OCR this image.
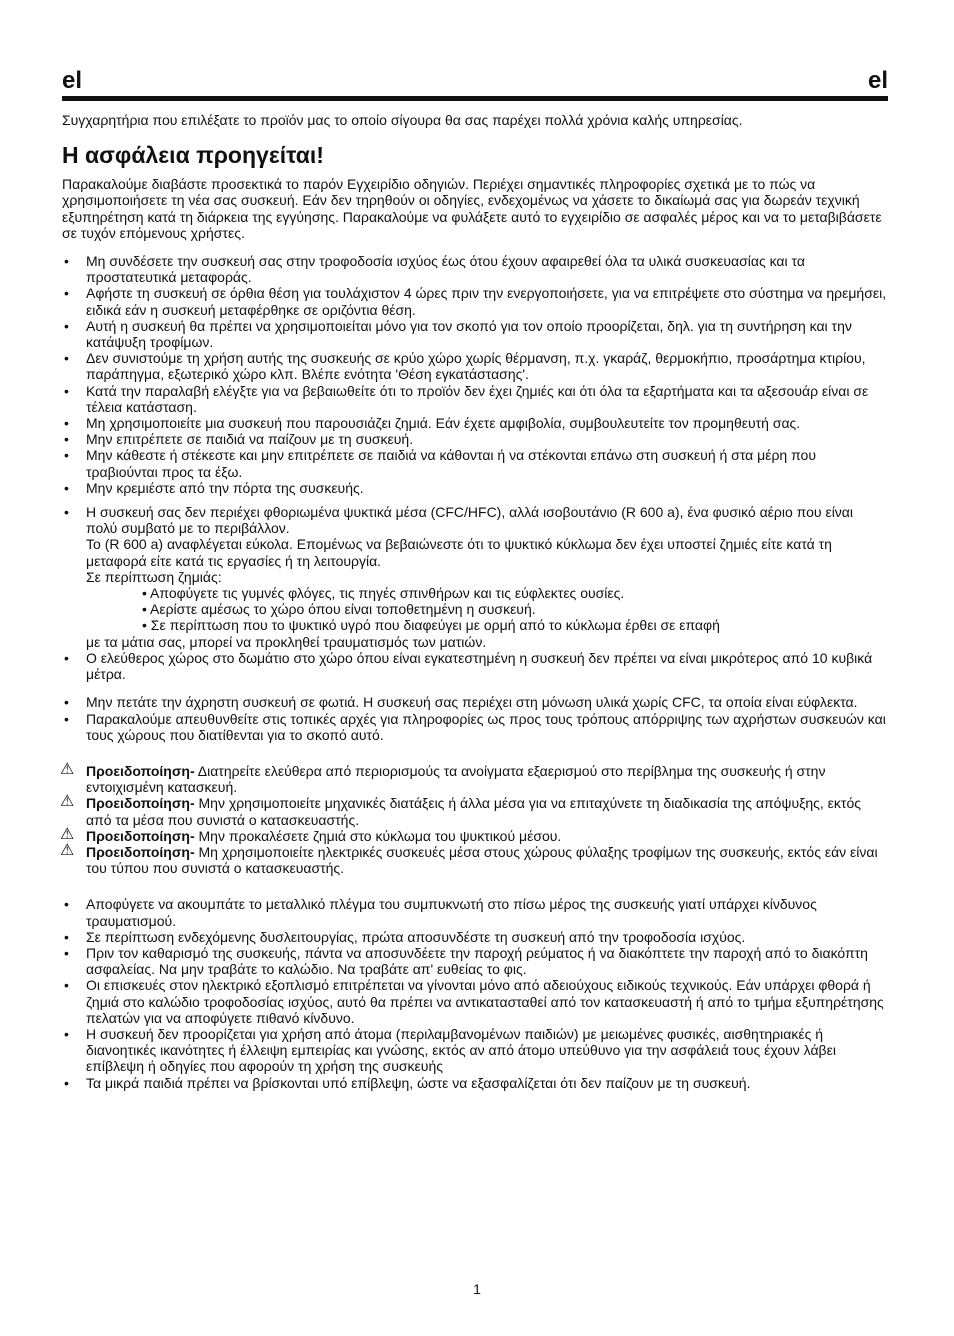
el	el

Συγχαρητήρια που επιλέξατε το προϊόν μας το οποίο σίγουρα θα σας παρέχει πολλά χρόνια καλής υπηρεσίας.

Η ασφάλεια προηγείται!

Παρακαλούμε διαβάστε προσεκτικά το παρόν Εγχειρίδιο οδηγιών. Περιέχει σημαντικές πληροφορίες σχετικά με το πώς να χρησιμοποιήσετε τη νέα σας συσκευή. Εάν δεν τηρηθούν οι οδηγίες, ενδεχομένως να χάσετε το δικαίωμά σας για δωρεάν τεχνική εξυπηρέτηση κατά τη διάρκεια της εγγύησης. Παρακαλούμε να φυλάξετε αυτό το εγχειρίδιο σε ασφαλές μέρος και να το μεταβιβάσετε σε τυχόν επόμενους χρήστες.

• Μη συνδέσετε την συσκευή σας στην τροφοδοσία ισχύος έως ότου έχουν αφαιρεθεί όλα τα υλικά συσκευασίας και τα προστατευτικά μεταφοράς.
• Αφήστε τη συσκευή σε όρθια θέση για τουλάχιστον 4 ώρες πριν την ενεργοποιήσετε, για να επιτρέψετε στο σύστημα να ηρεμήσει, ειδικά εάν η συσκευή μεταφέρθηκε σε οριζόντια θέση.
• Αυτή η συσκευή θα πρέπει να χρησιμοποιείται μόνο για τον σκοπό για τον οποίο προορίζεται, δηλ. για τη συντήρηση και την κατάψυξη τροφίμων.
• Δεν συνιστούμε τη χρήση αυτής της συσκευής σε κρύο χώρο χωρίς θέρμανση, π.χ. γκαράζ, θερμοκήπιο, προσάρτημα κτιρίου, παράπηγμα, εξωτερικό χώρο κλπ. Βλέπε ενότητα 'Θέση εγκατάστασης'.
• Κατά την παραλαβή ελέγξτε για να βεβαιωθείτε ότι το προϊόν δεν έχει ζημιές και ότι όλα τα εξαρτήματα και τα αξεσουάρ είναι σε τέλεια κατάσταση.
• Μη χρησιμοποιείτε μια συσκευή που παρουσιάζει ζημιά. Εάν έχετε αμφιβολία, συμβουλευτείτε τον προμηθευτή σας.
• Μην επιτρέπετε σε παιδιά να παίζουν με τη συσκευή.
• Μην κάθεστε ή στέκεστε και μην επιτρέπετε σε παιδιά να κάθονται ή να στέκονται επάνω στη συσκευή ή στα μέρη που τραβιούνται προς τα έξω.
• Μην κρεμιέστε από την πόρτα της συσκευής.
• Η συσκευή σας δεν περιέχει φθοριωμένα ψυκτικά μέσα (CFC/HFC), αλλά ισοβουτάνιο (R 600 a), ένα φυσικό αέριο που είναι πολύ συμβατό με το περιβάλλον.
Το (R 600 a) αναφλέγεται εύκολα. Επομένως να βεβαιώνεστε ότι το ψυκτικό κύκλωμα δεν έχει υποστεί ζημιές είτε κατά τη μεταφορά είτε κατά τις εργασίες ή τη λειτουργία.
Σε περίπτωση ζημιάς:
• Αποφύγετε τις γυμνές φλόγες, τις πηγές σπινθήρων και τις εύφλεκτες ουσίες.
• Αερίστε αμέσως το χώρο όπου είναι τοποθετημένη η συσκευή.
• Σε περίπτωση που το ψυκτικό υγρό που διαφεύγει με ορμή από το κύκλωμα έρθει σε επαφή
με τα μάτια σας, μπορεί να προκληθεί τραυματισμός των ματιών.
• Ο ελεύθερος χώρος στο δωμάτιο στο χώρο όπου είναι εγκατεστημένη η συσκευή δεν πρέπει να είναι μικρότερος από 10 κυβικά μέτρα.
• Μην πετάτε την άχρηστη συσκευή σε φωτιά. Η συσκευή σας περιέχει στη μόνωση υλικά χωρίς CFC, τα οποία είναι εύφλεκτα.
• Παρακαλούμε απευθυνθείτε στις τοπικές αρχές για πληροφορίες ως προς τους τρόπους απόρριψης των αχρήστων συσκευών και τους χώρους που διατίθενται για το σκοπό αυτό.
⚠ Προειδοποίηση- Διατηρείτε ελεύθερα από περιορισμούς τα ανοίγματα εξαερισμού στο περίβλημα της συσκευής ή στην εντοιχισμένη κατασκευή.
⚠ Προειδοποίηση- Μην χρησιμοποιείτε μηχανικές διατάξεις ή άλλα μέσα για να επιταχύνετε τη διαδικασία της απόψυξης, εκτός από τα μέσα που συνιστά ο κατασκευαστής.
⚠ Προειδοποίηση- Μην προκαλέσετε ζημιά στο κύκλωμα του ψυκτικού μέσου.
⚠ Προειδοποίηση- Μη χρησιμοποιείτε ηλεκτρικές συσκευές μέσα στους χώρους φύλαξης τροφίμων της συσκευής, εκτός εάν είναι του τύπου που συνιστά ο κατασκευαστής.
• Αποφύγετε να ακουμπάτε το μεταλλικό πλέγμα του συμπυκνωτή στο πίσω μέρος της συσκευής γιατί υπάρχει κίνδυνος τραυματισμού.
• Σε περίπτωση ενδεχόμενης δυσλειτουργίας, πρώτα αποσυνδέστε τη συσκευή από την τροφοδοσία ισχύος.
• Πριν τον καθαρισμό της συσκευής, πάντα να αποσυνδέετε την παροχή ρεύματος ή να διακόπτετε την παροχή από το διακόπτη ασφαλείας. Να μην τραβάτε το καλώδιο. Να τραβάτε απ' ευθείας το φις.
• Οι επισκευές στον ηλεκτρικό εξοπλισμό επιτρέπεται να γίνονται μόνο από αδειούχους ειδικούς τεχνικούς. Εάν υπάρχει φθορά ή ζημιά στο καλώδιο τροφοδοσίας ισχύος, αυτό θα πρέπει να αντικατασταθεί από τον κατασκευαστή ή από το τμήμα εξυπηρέτησης πελατών για να αποφύγετε πιθανό κίνδυνο.
• Η συσκευή δεν προορίζεται για χρήση από άτομα (περιλαμβανομένων παιδιών) με μειωμένες φυσικές, αισθητηριακές ή διανοητικές ικανότητες ή έλλειψη εμπειρίας και γνώσης, εκτός αν από άτομο υπεύθυνο για την ασφάλειά τους έχουν λάβει επίβλεψη ή οδηγίες που αφορούν τη χρήση της συσκευής
• Τα μικρά παιδιά πρέπει να βρίσκονται υπό επίβλεψη, ώστε να εξασφαλίζεται ότι δεν παίζουν με τη συσκευή.
1
